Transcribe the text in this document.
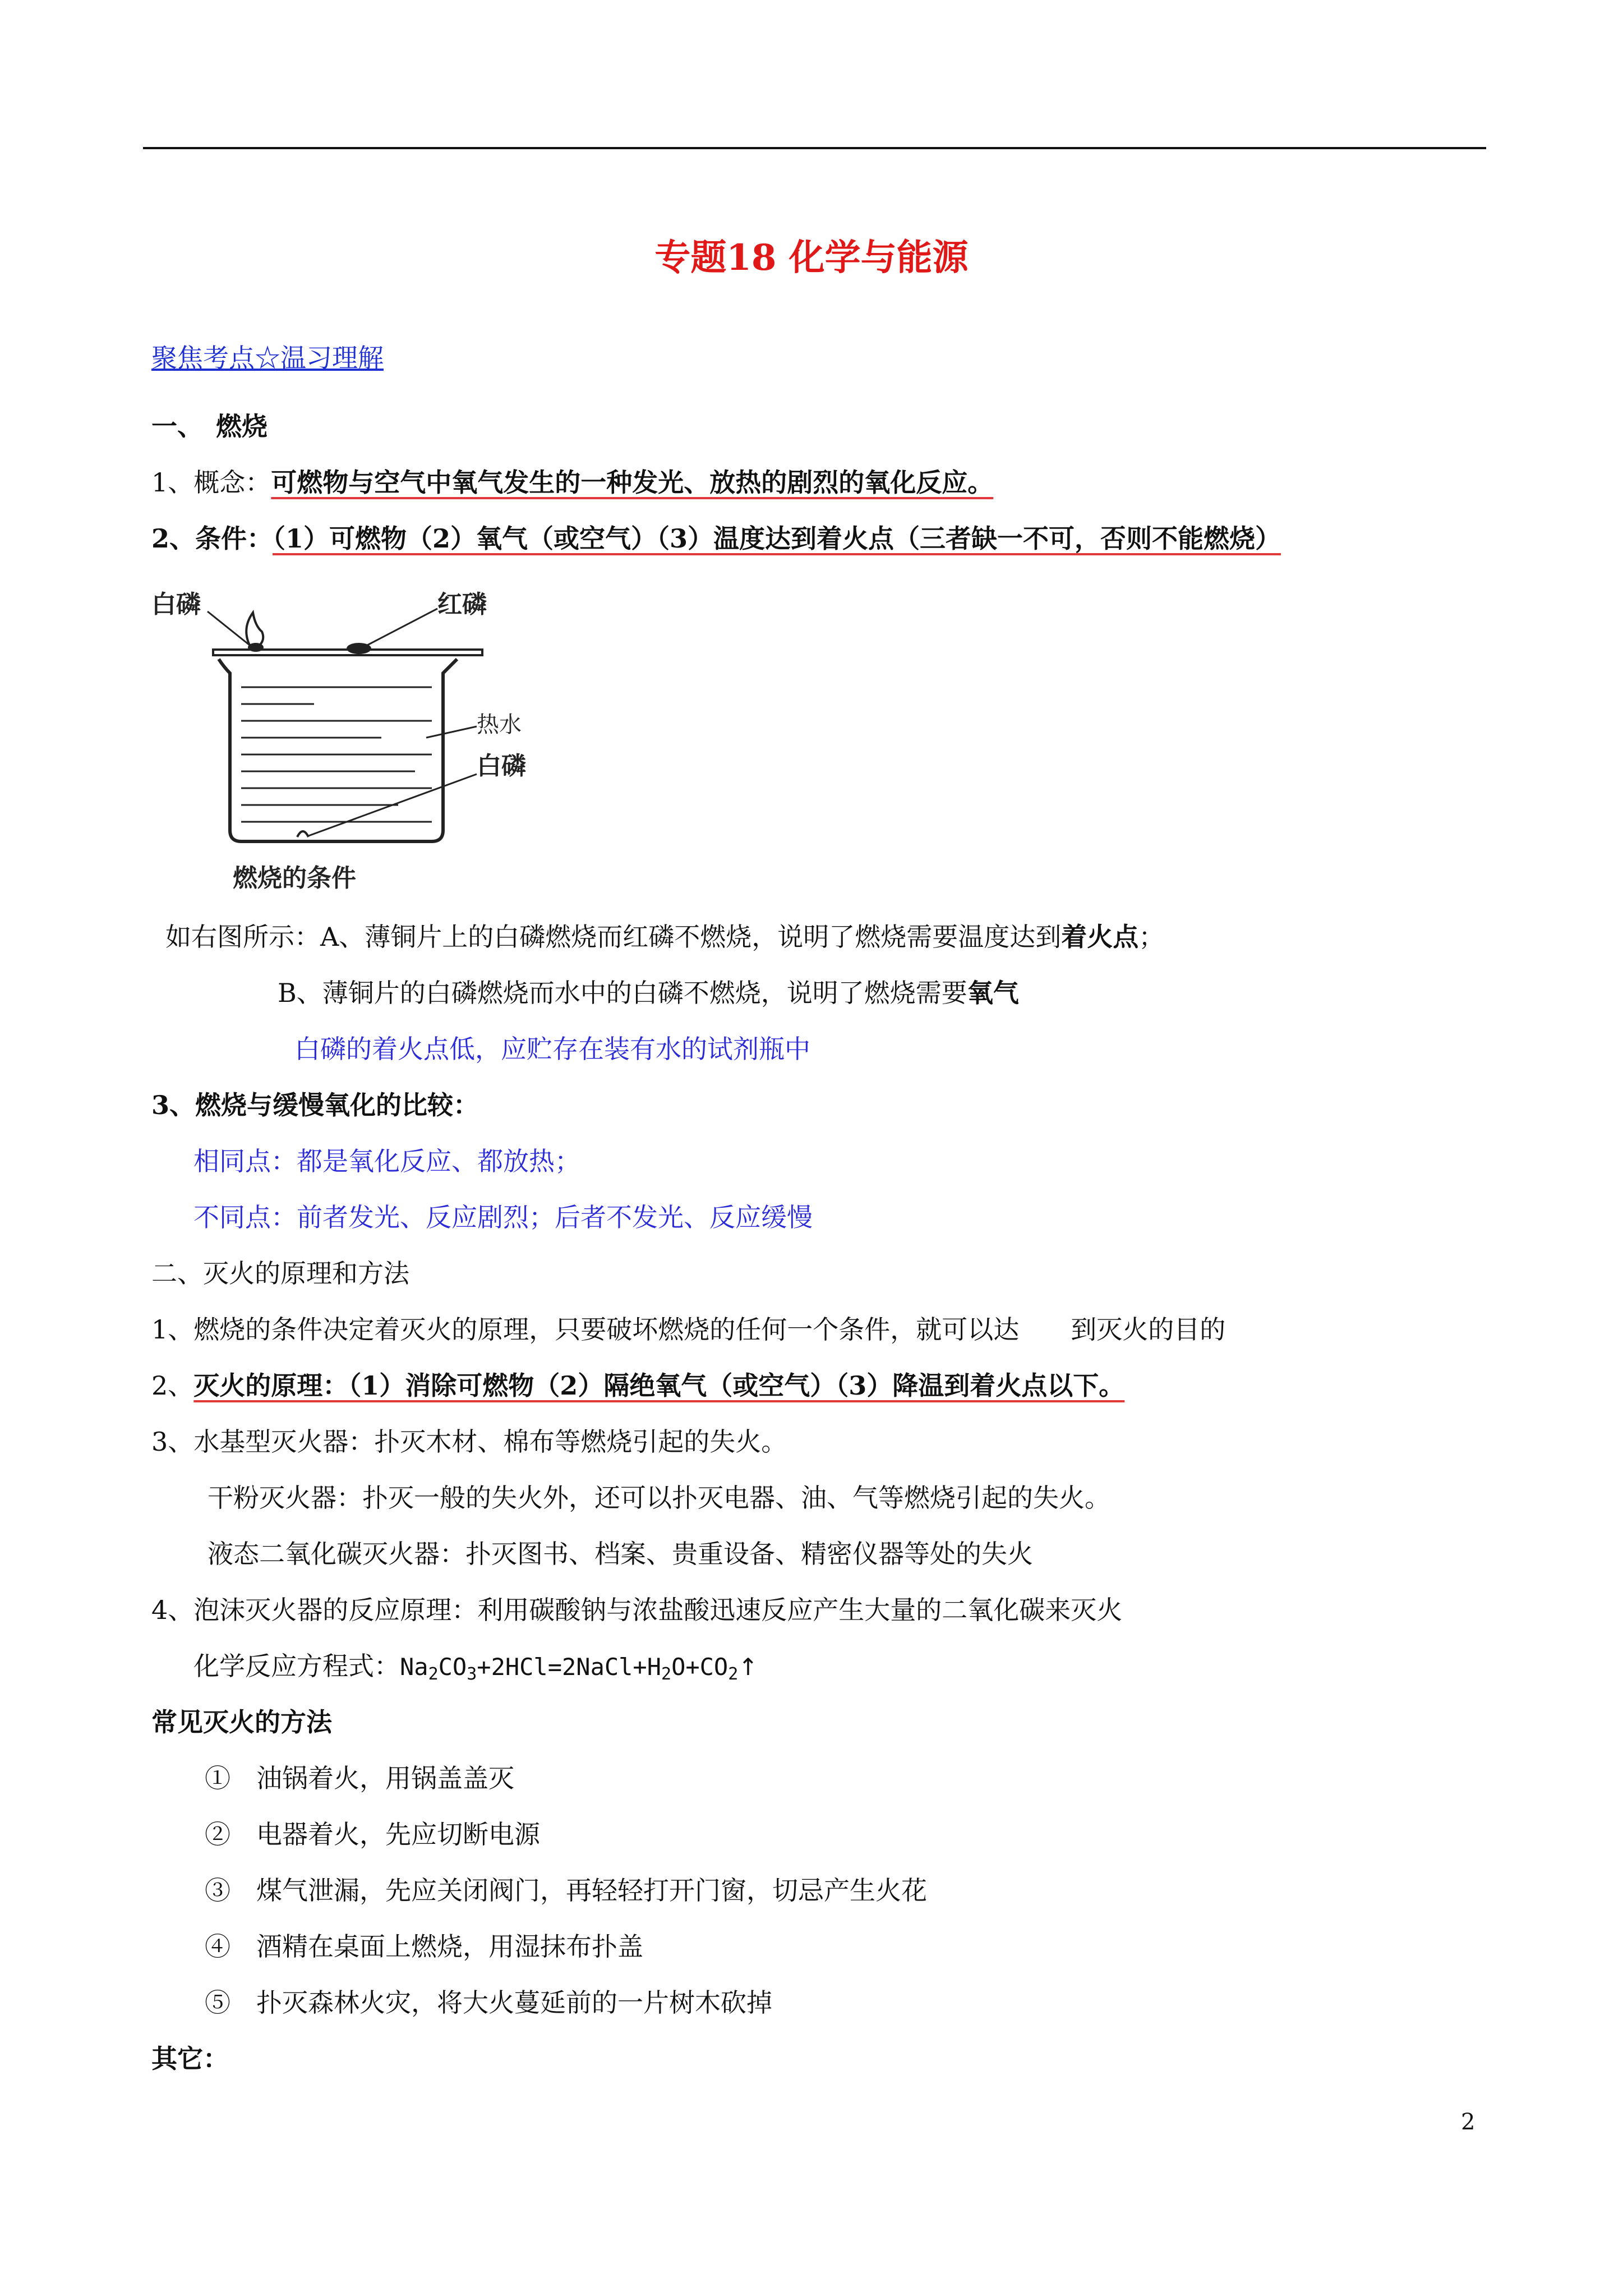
专题18 化学与能源
聚焦考点☆温习理解
一、　燃烧
1、概念：可燃物与空气中氧气发生的一种发光、放热的剧烈的氧化反应。
2、条件：（1）可燃物（2）氧气（或空气）（3）温度达到着火点（三者缺一不可，否则不能燃烧）
白磷	红磷
热水
白磷
燃烧的条件
如右图所示：A、薄铜片上的白磷燃烧而红磷不燃烧，说明了燃烧需要温度达到着火点；
B、薄铜片的白磷燃烧而水中的白磷不燃烧，说明了燃烧需要氧气
白磷的着火点低，应贮存在装有水的试剂瓶中
3、燃烧与缓慢氧化的比较：
相同点：都是氧化反应、都放热；
不同点：前者发光、反应剧烈；后者不发光、反应缓慢
二、灭火的原理和方法
1、燃烧的条件决定着灭火的原理，只要破坏燃烧的任何一个条件，就可以达　　到灭火的目的
2、灭火的原理：（1）消除可燃物（2）隔绝氧气（或空气）（3）降温到着火点以下。
3、水基型灭火器：扑灭木材、棉布等燃烧引起的失火。
干粉灭火器：扑灭一般的失火外，还可以扑灭电器、油、气等燃烧引起的失火。
液态二氧化碳灭火器：扑灭图书、档案、贵重设备、精密仪器等处的失火
4、泡沫灭火器的反应原理：利用碳酸钠与浓盐酸迅速反应产生大量的二氧化碳来灭火
化学反应方程式：$Na_2CO_3+2HCl=2NaCl+H_2O+CO_2↑$
常见灭火的方法
①　油锅着火，用锅盖盖灭
②　电器着火，先应切断电源
③　煤气泄漏，先应关闭阀门，再轻轻打开门窗，切忌产生火花
④　酒精在桌面上燃烧，用湿抹布扑盖
⑤　扑灭森林火灾，将大火蔓延前的一片树木砍掉
其它：
2
